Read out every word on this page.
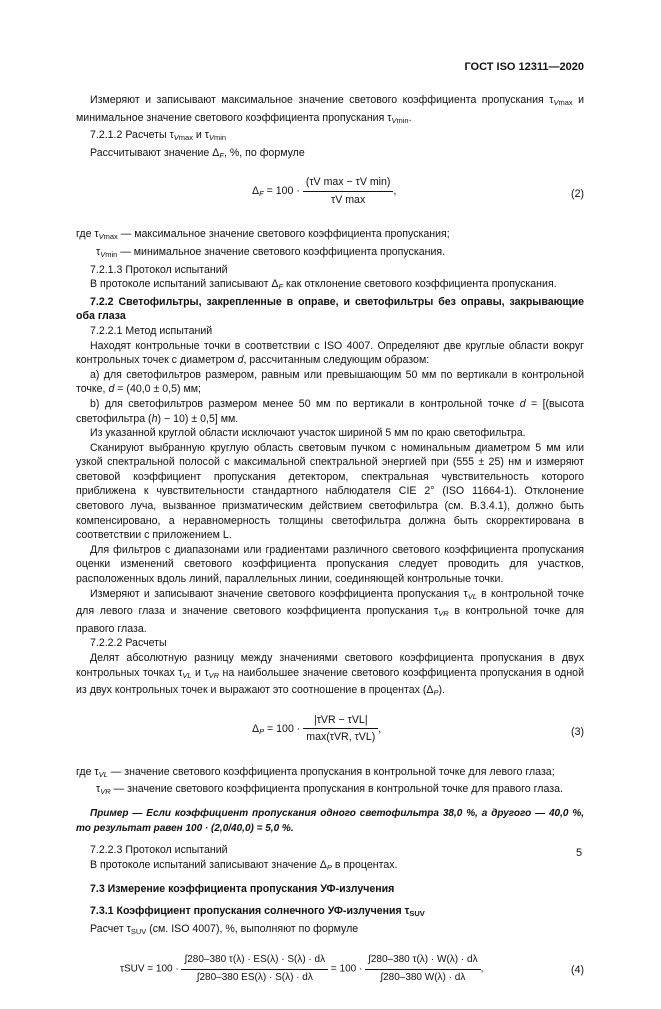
ГОСТ ISO 12311—2020

Измеряют и записывают максимальное значение светового коэффициента пропускания $\tau_V\max$ и минимальное значение светового коэффициента пропускания $\tau_V\min$.

7.2.1.2 Расчеты $\tau_V\max$ и $\tau_V\min$

Рассчитывают значение $\Delta_F$, %, по формуле

$\Delta_F = 100 \cdot \frac{\text{(τV max − τV min)}}{\text{τV max}}$ ,	(2)

где $\tau_V\max$ — максимальное значение светового коэффициента пропускания;

$\tau_V\min$ — минимальное значение светового коэффициента пропускания.

7.2.1.3 Протокол испытаний

В протоколе испытаний записывают $\Delta_F$ как отклонение светового коэффициента пропускания.

7.2.2 Светофильтры, закрепленные в оправе, и светофильтры без оправы, закрывающие оба глаза

7.2.2.1 Метод испытаний

Находят контрольные точки в соответствии с ISO 4007. Определяют две круглые области вокруг контрольных точек с диаметром d, рассчитанным следующим образом:

a) для светофильтров размером, равным или превышающим 50 мм по вертикали в контрольной точке, d = (40,0 ± 0,5) мм;

b) для светофильтров размером менее 50 мм по вертикали в контрольной точке d = [(высота светофильтра (h) − 10) ± 0,5] мм.

Из указанной круглой области исключают участок шириной 5 мм по краю светофильтра.

Сканируют выбранную круглую область световым пучком с номинальным диаметром 5 мм или узкой спектральной полосой с максимальной спектральной энергией при (555 ± 25) нм и измеряют световой коэффициент пропускания детектором, спектральная чувствительность которого приближена к чувствительности стандартного наблюдателя CIE 2° (ISO 11664-1). Отклонение светового луча, вызванное призматическим действием светофильтра (см. В.3.4.1), должно быть компенсировано, а неравномерность толщины светофильтра должна быть скорректирована в соответствии с приложением L.

Для фильтров с диапазонами или градиентами различного светового коэффициента пропускания оценки изменений светового коэффициента пропускания следует проводить для участков, расположенных вдоль линий, параллельных линии, соединяющей контрольные точки.

Измеряют и записывают значение светового коэффициента пропускания $\tau_{VL}$ в контрольной точке для левого глаза и значение светового коэффициента пропускания $\tau_{VR}$ в контрольной точке для правого глаза.

7.2.2.2 Расчеты

Делят абсолютную разницу между значениями светового коэффициента пропускания в двух контрольных точках $\tau_{VL}$ и $\tau_{VR}$ на наибольшее значение светового коэффициента пропускания в одной из двух контрольных точек и выражают это соотношение в процентах $(\Delta_P)$.

$\Delta_P = 100 \cdot \frac{\text{|τVR − τVL|}}{\text{max(τVR, τVL)}}$ ,	(3)

где $\tau_{VL}$ — значение светового коэффициента пропускания в контрольной точке для левого глаза;

$\tau_{VR}$ — значение светового коэффициента пропускания в контрольной точке для правого глаза.

Пример — Если коэффициент пропускания одного светофильтра 38,0 %, а другого — 40,0 %, то результат равен 100 · (2,0/40,0) = 5,0 %.

7.2.2.3 Протокол испытаний

В протоколе испытаний записывают значение $\Delta_P$ в процентах.

7.3 Измерение коэффициента пропускания УФ-излучения

7.3.1 Коэффициент пропускания солнечного УФ-излучения τSUV

Расчет τSUV (см. ISO 4007), %, выполняют по формуле

$\tau SUV = 100 \cdot \frac{\int 280-380 \tau(\lambda) \cdot ES(\lambda) \cdot S(\lambda) \cdot d\lambda}{\int 280-380 ES(\lambda) \cdot S(\lambda) \cdot d\lambda} = 100 \cdot \frac{\int 280-380 \tau(\lambda) \cdot W(\lambda) \cdot d\lambda}{\int 280-380 W(\lambda) \cdot d\lambda}$ ,	(4)
5
